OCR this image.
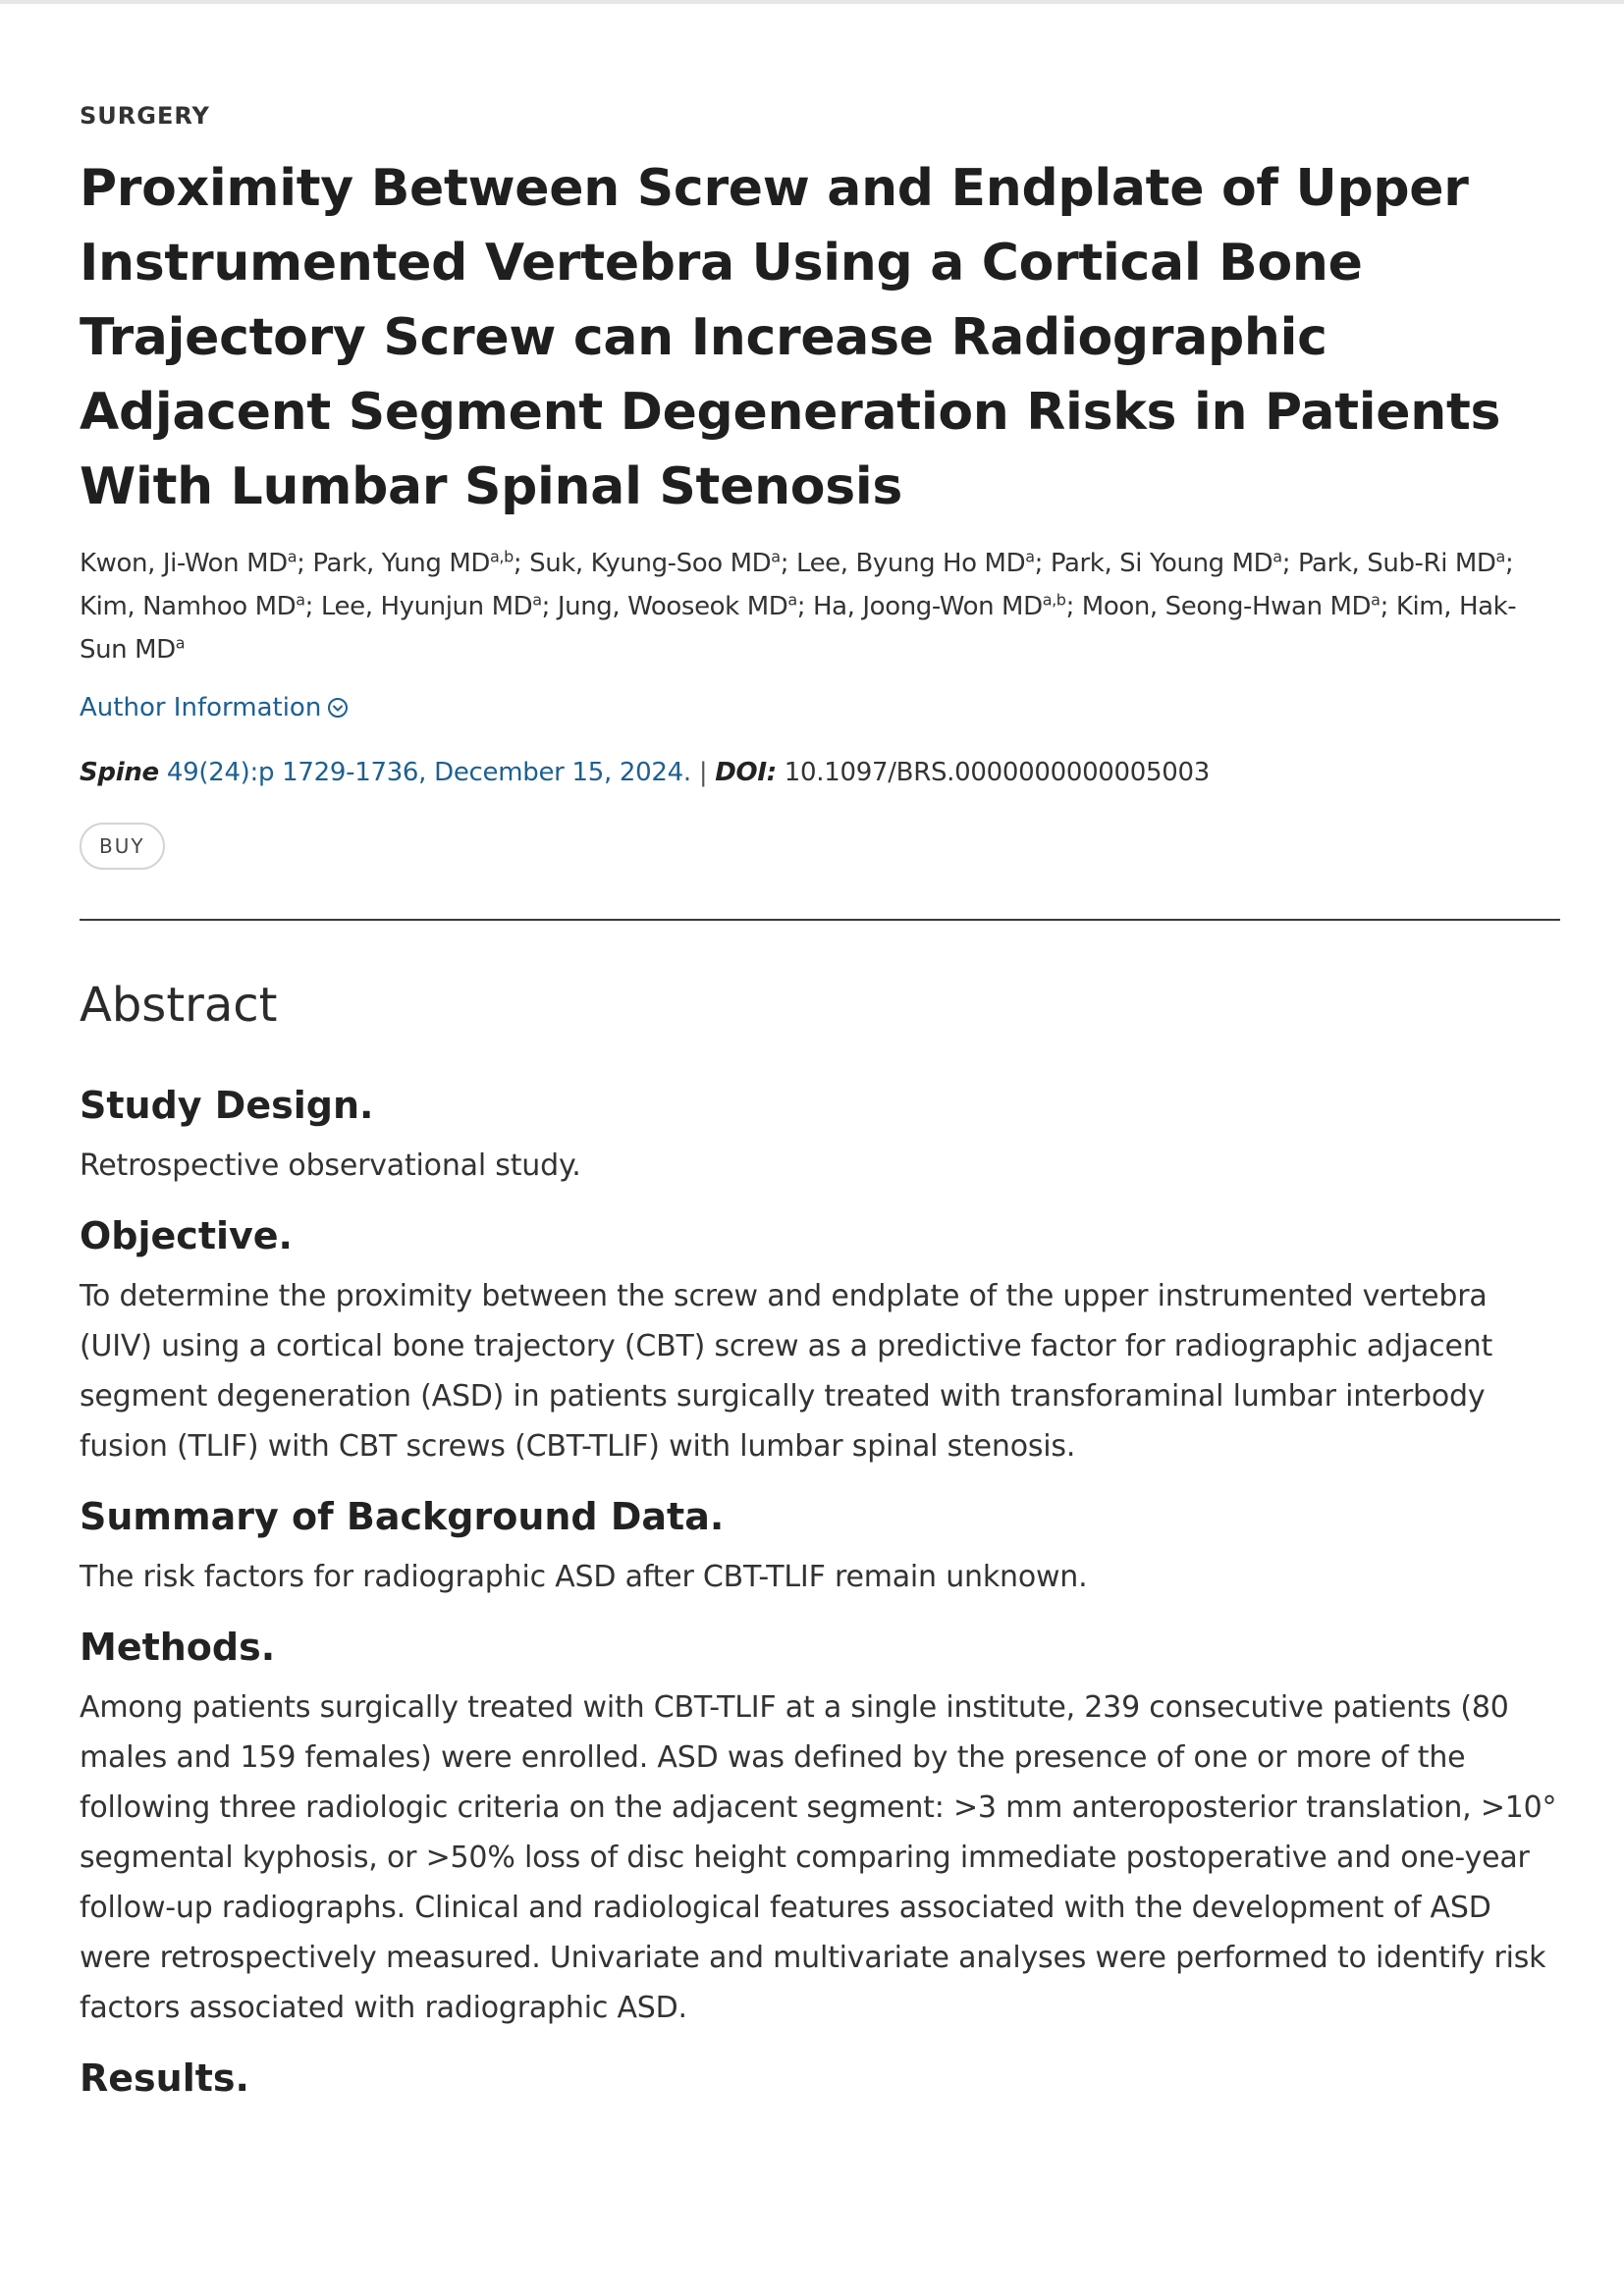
SURGERY
Proximity Between Screw and Endplate of Upper Instrumented Vertebra Using a Cortical Bone Trajectory Screw can Increase Radiographic Adjacent Segment Degeneration Risks in Patients With Lumbar Spinal Stenosis
Kwon, Ji-Won $MD^a$; Park, Yung MD$^{a,b}$; Suk, Kyung-Soo $MD^a$; Lee, Byung Ho $MD^a$; Park, Si Young $MD^a$; Park, Sub-Ri $MD^a$; Kim, Namhoo $MD^a$; Lee, Hyunjun $MD^a$; Jung, Wooseok $MD^a$; Ha, Joong-Won MD$^{a,b}$; Moon, Seong-Hwan $MD^a$; Kim, Hak-Sun $MD^a$
Author Information
Spine 49(24):p 1729-1736, December 15, 2024. | DOI: 10.1097/BRS.0000000000005003
BUY
Abstract
Study Design.

Retrospective observational study.

Objective.

To determine the proximity between the screw and endplate of the upper instrumented vertebra (UIV) using a cortical bone trajectory (CBT) screw as a predictive factor for radiographic adjacent segment degeneration (ASD) in patients surgically treated with transforaminal lumbar interbody fusion (TLIF) with CBT screws (CBT-TLIF) with lumbar spinal stenosis.

Summary of Background Data.

The risk factors for radiographic ASD after CBT-TLIF remain unknown.

Methods.

Among patients surgically treated with CBT-TLIF at a single institute, 239 consecutive patients (80 males and 159 females) were enrolled. ASD was defined by the presence of one or more of the following three radiologic criteria on the adjacent segment: >3 mm anteroposterior translation, >10° segmental kyphosis, or >50% loss of disc height comparing immediate postoperative and one-year follow-up radiographs. Clinical and radiological features associated with the development of ASD were retrospectively measured. Univariate and multivariate analyses were performed to identify risk factors associated with radiographic ASD.

Results.
